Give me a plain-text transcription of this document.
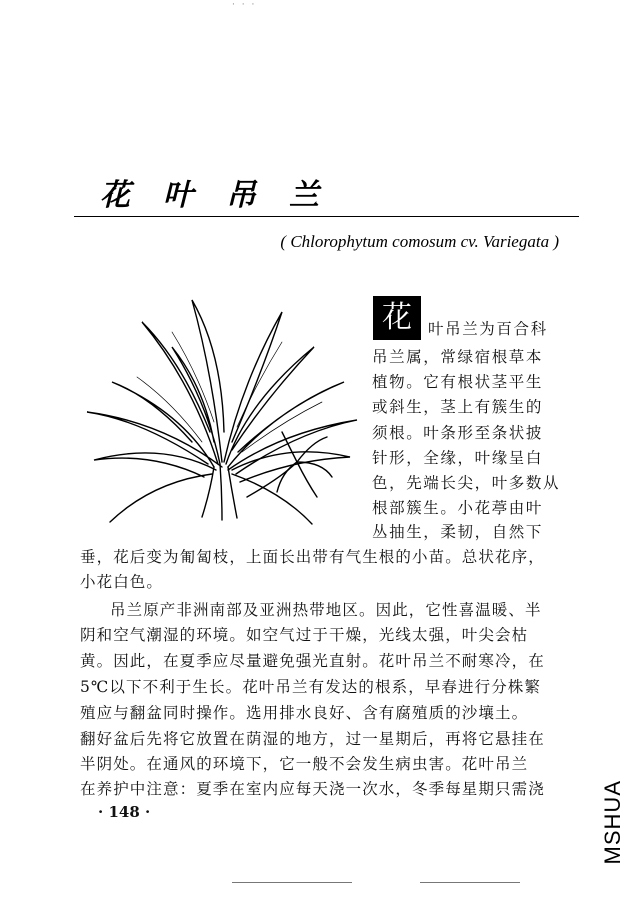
· · ·
花叶吊兰
( Chlorophytum comosum cv. Variegata )
花	叶吊兰为百合科
吊兰属，常绿宿根草本
植物。它有根状茎平生
或斜生，茎上有簇生的
须根。叶条形至条状披
针形，全缘，叶缘呈白
色，先端长尖，叶多数从
根部簇生。小花葶由叶
丛抽生，柔韧，自然下
垂，花后变为匍匐枝，上面长出带有气生根的小苗。总状花序，
小花白色。
吊兰原产非洲南部及亚洲热带地区。因此，它性喜温暖、半
阴和空气潮湿的环境。如空气过于干燥，光线太强，叶尖会枯
黄。因此，在夏季应尽量避免强光直射。花叶吊兰不耐寒冷，在
5℃以下不利于生长。花叶吊兰有发达的根系，早春进行分株繁
殖应与翻盆同时操作。选用排水良好、含有腐殖质的沙壤土。
翻好盆后先将它放置在荫湿的地方，过一星期后，再将它悬挂在
半阴处。在通风的环境下，它一般不会发生病虫害。花叶吊兰
在养护中注意：夏季在室内应每天浇一次水，冬季每星期只需浇
· 148 ·	MSHUA
